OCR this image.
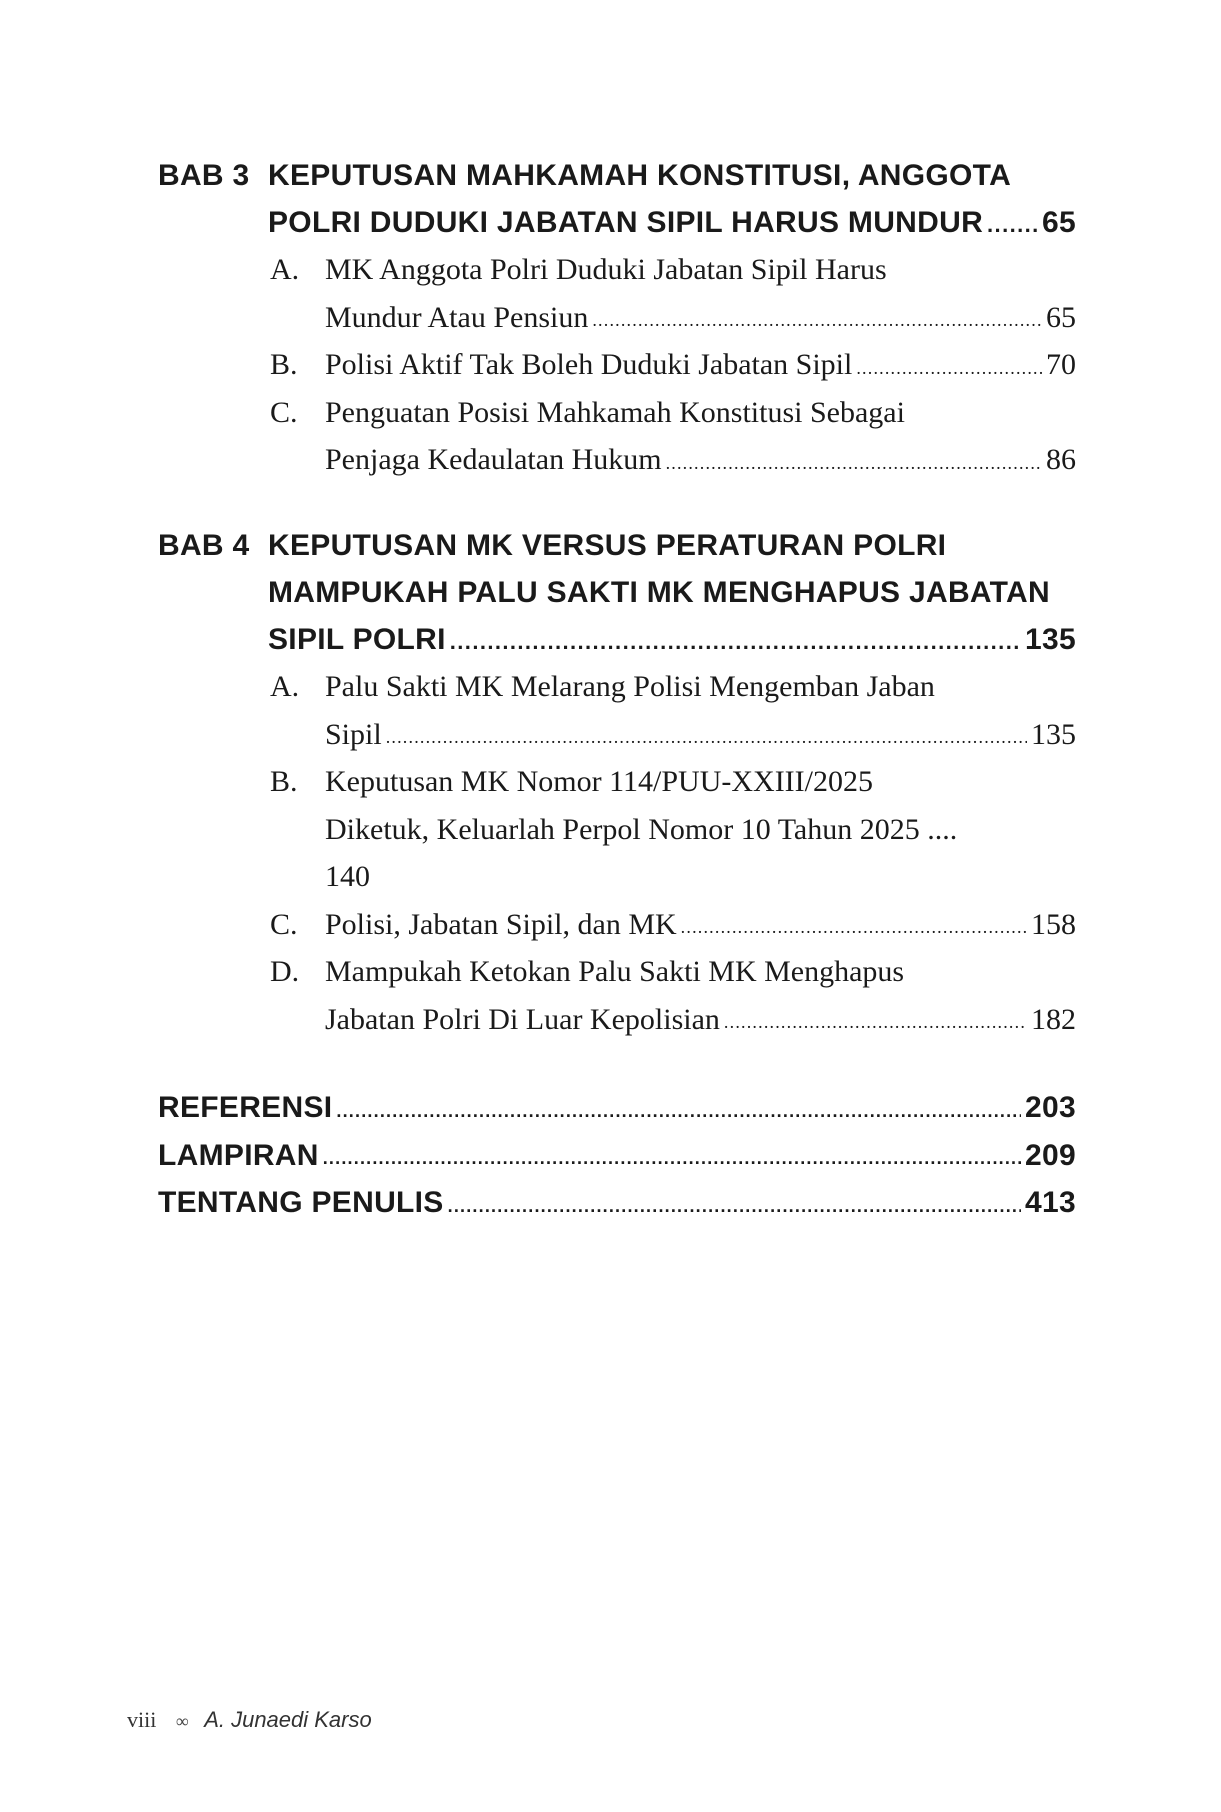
BAB 3 KEPUTUSAN MAHKAMAH KONSTITUSI, ANGGOTA
POLRI DUDUKI JABATAN SIPIL HARUS MUNDUR ..... 65
A. MK Anggota Polri Duduki Jabatan Sipil Harus
Mundur Atau Pensiun .....	65
B. Polisi Aktif Tak Boleh Duduki Jabatan Sipil .....	70
C. Penguatan Posisi Mahkamah Konstitusi Sebagai
Penjaga Kedaulatan Hukum .....	86
BAB 4 KEPUTUSAN MK VERSUS PERATURAN POLRI
MAMPUKAH PALU SAKTI MK MENGHAPUS JABATAN
SIPIL POLRI .....	135
A. Palu Sakti MK Melarang Polisi Mengemban Jaban
Sipil .....	135
B. Keputusan MK Nomor 114/PUU-XXIII/2025
Diketuk, Keluarlah Perpol Nomor 10 Tahun 2025 ....
140
C. Polisi, Jabatan Sipil, dan MK .....	158
D. Mampukah Ketokan Palu Sakti MK Menghapus
Jabatan Polri Di Luar Kepolisian .....	182
REFERENSI .....	203
LAMPIRAN .....	209
TENTANG PENULIS .....	413
viii ∞ A. Junaedi Karso
